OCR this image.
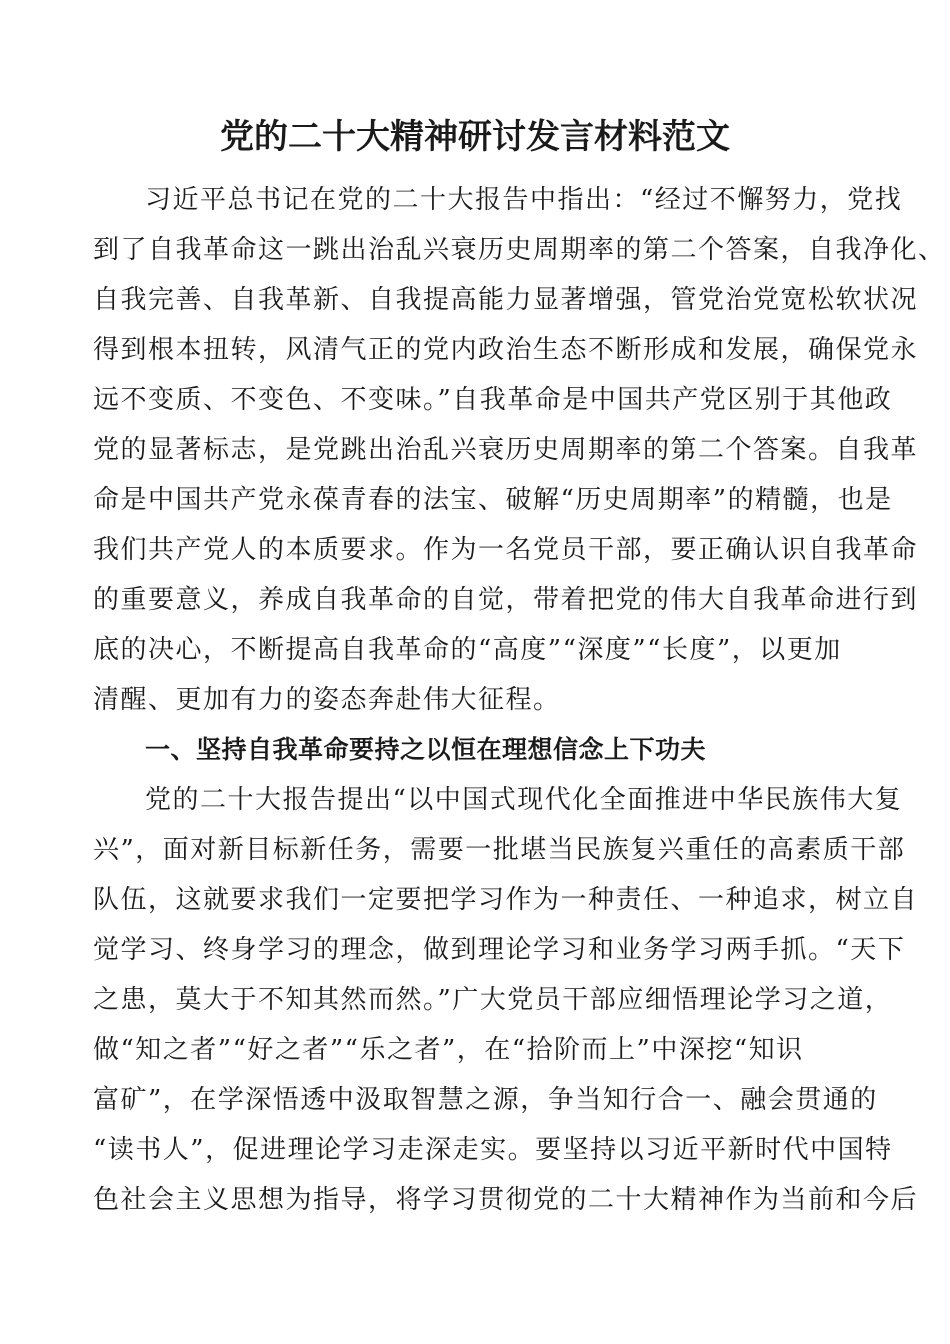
党的二十大精神研讨发言材料范文
习近平总书记在党的二十大报告中指出：“经过不懈努力，党找
到了自我革命这一跳出治乱兴衰历史周期率的第二个答案，自我净化、
自我完善、自我革新、自我提高能力显著增强，管党治党宽松软状况
得到根本扭转，风清气正的党内政治生态不断形成和发展，确保党永
远不变质、不变色、不变味。”自我革命是中国共产党区别于其他政
党的显著标志，是党跳出治乱兴衰历史周期率的第二个答案。自我革
命是中国共产党永葆青春的法宝、破解“历史周期率”的精髓，也是
我们共产党人的本质要求。作为一名党员干部，要正确认识自我革命
的重要意义，养成自我革命的自觉，带着把党的伟大自我革命进行到
底的决心，不断提高自我革命的“高度”“深度”“长度”，以更加
清醒、更加有力的姿态奔赴伟大征程。
一、坚持自我革命要持之以恒在理想信念上下功夫
党的二十大报告提出“以中国式现代化全面推进中华民族伟大复
兴”，面对新目标新任务，需要一批堪当民族复兴重任的高素质干部
队伍，这就要求我们一定要把学习作为一种责任、一种追求，树立自
觉学习、终身学习的理念，做到理论学习和业务学习两手抓。“天下
之患，莫大于不知其然而然。”广大党员干部应细悟理论学习之道，
做“知之者”“好之者”“乐之者”，在“拾阶而上”中深挖“知识
富矿”，在学深悟透中汲取智慧之源，争当知行合一、融会贯通的
“读书人”，促进理论学习走深走实。要坚持以习近平新时代中国特
色社会主义思想为指导，将学习贯彻党的二十大精神作为当前和今后
